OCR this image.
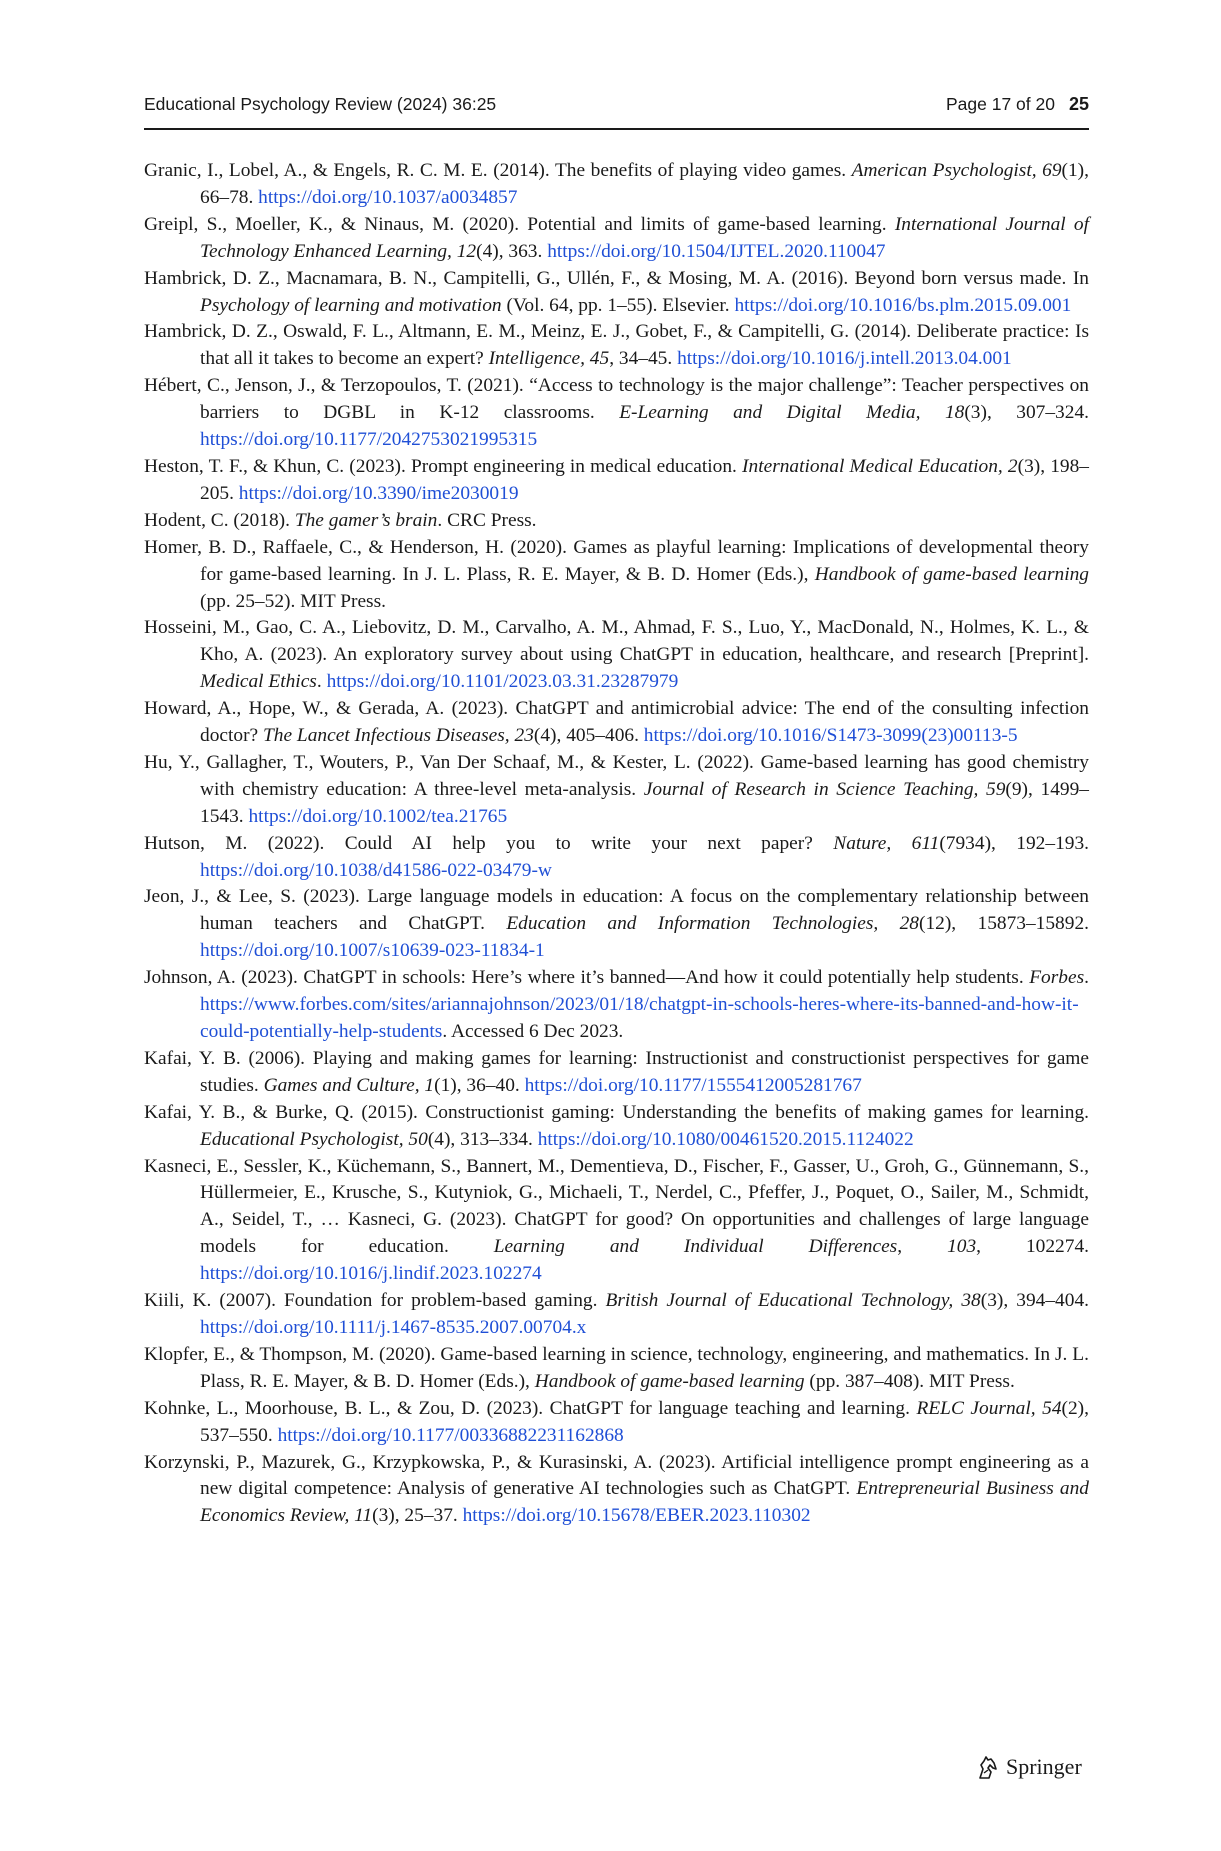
Educational Psychology Review (2024) 36:25	Page 17 of 20 25

Granic, I., Lobel, A., & Engels, R. C. M. E. (2014). The benefits of playing video games. American Psychologist, 69(1), 66–78. https://doi.org/10.1037/a0034857

Greipl, S., Moeller, K., & Ninaus, M. (2020). Potential and limits of game-based learning. International Journal of Technology Enhanced Learning, 12(4), 363. https://doi.org/10.1504/IJTEL.2020.110047

Hambrick, D. Z., Macnamara, B. N., Campitelli, G., Ullén, F., & Mosing, M. A. (2016). Beyond born versus made. In Psychology of learning and motivation (Vol. 64, pp. 1–55). Elsevier. https://doi.org/10.1016/bs.plm.2015.09.001

Hambrick, D. Z., Oswald, F. L., Altmann, E. M., Meinz, E. J., Gobet, F., & Campitelli, G. (2014). Deliberate practice: Is that all it takes to become an expert? Intelligence, 45, 34–45. https://doi.org/10.1016/j.intell.2013.04.001

Hébert, C., Jenson, J., & Terzopoulos, T. (2021). “Access to technology is the major challenge”: Teacher perspectives on barriers to DGBL in K-12 classrooms. E-Learning and Digital Media, 18(3), 307–324. https://doi.org/10.1177/2042753021995315

Heston, T. F., & Khun, C. (2023). Prompt engineering in medical education. International Medical Education, 2(3), 198–205. https://doi.org/10.3390/ime2030019

Hodent, C. (2018). The gamer’s brain. CRC Press.

Homer, B. D., Raffaele, C., & Henderson, H. (2020). Games as playful learning: Implications of developmental theory for game-based learning. In J. L. Plass, R. E. Mayer, & B. D. Homer (Eds.), Handbook of game-based learning (pp. 25–52). MIT Press.

Hosseini, M., Gao, C. A., Liebovitz, D. M., Carvalho, A. M., Ahmad, F. S., Luo, Y., MacDonald, N., Holmes, K. L., & Kho, A. (2023). An exploratory survey about using ChatGPT in education, healthcare, and research [Preprint]. Medical Ethics. https://doi.org/10.1101/2023.03.31.23287979

Howard, A., Hope, W., & Gerada, A. (2023). ChatGPT and antimicrobial advice: The end of the consulting infection doctor? The Lancet Infectious Diseases, 23(4), 405–406. https://doi.org/10.1016/S1473-3099(23)00113-5

Hu, Y., Gallagher, T., Wouters, P., Van Der Schaaf, M., & Kester, L. (2022). Game-based learning has good chemistry with chemistry education: A three-level meta-analysis. Journal of Research in Science Teaching, 59(9), 1499–1543. https://doi.org/10.1002/tea.21765

Hutson, M. (2022). Could AI help you to write your next paper? Nature, 611(7934), 192–193. https://doi.org/10.1038/d41586-022-03479-w

Jeon, J., & Lee, S. (2023). Large language models in education: A focus on the complementary relationship between human teachers and ChatGPT. Education and Information Technologies, 28(12), 15873–15892. https://doi.org/10.1007/s10639-023-11834-1

Johnson, A. (2023). ChatGPT in schools: Here’s where it’s banned—And how it could potentially help students. Forbes. https://www.forbes.com/sites/ariannajohnson/2023/01/18/chatgpt-in-schools-heres-where-its-banned-and-how-it-could-potentially-help-students. Accessed 6 Dec 2023.

Kafai, Y. B. (2006). Playing and making games for learning: Instructionist and constructionist perspectives for game studies. Games and Culture, 1(1), 36–40. https://doi.org/10.1177/1555412005281767

Kafai, Y. B., & Burke, Q. (2015). Constructionist gaming: Understanding the benefits of making games for learning. Educational Psychologist, 50(4), 313–334. https://doi.org/10.1080/00461520.2015.1124022

Kasneci, E., Sessler, K., Küchemann, S., Bannert, M., Dementieva, D., Fischer, F., Gasser, U., Groh, G., Günnemann, S., Hüllermeier, E., Krusche, S., Kutyniok, G., Michaeli, T., Nerdel, C., Pfeffer, J., Poquet, O., Sailer, M., Schmidt, A., Seidel, T., … Kasneci, G. (2023). ChatGPT for good? On opportunities and challenges of large language models for education. Learning and Individual Differences, 103, 102274. https://doi.org/10.1016/j.lindif.2023.102274

Kiili, K. (2007). Foundation for problem-based gaming. British Journal of Educational Technology, 38(3), 394–404. https://doi.org/10.1111/j.1467-8535.2007.00704.x

Klopfer, E., & Thompson, M. (2020). Game-based learning in science, technology, engineering, and mathematics. In J. L. Plass, R. E. Mayer, & B. D. Homer (Eds.), Handbook of game-based learning (pp. 387–408). MIT Press.

Kohnke, L., Moorhouse, B. L., & Zou, D. (2023). ChatGPT for language teaching and learning. RELC Journal, 54(2), 537–550. https://doi.org/10.1177/00336882231162868

Korzynski, P., Mazurek, G., Krzypkowska, P., & Kurasinski, A. (2023). Artificial intelligence prompt engineering as a new digital competence: Analysis of generative AI technologies such as ChatGPT. Entrepreneurial Business and Economics Review, 11(3), 25–37. https://doi.org/10.15678/EBER.2023.110302

Springer
